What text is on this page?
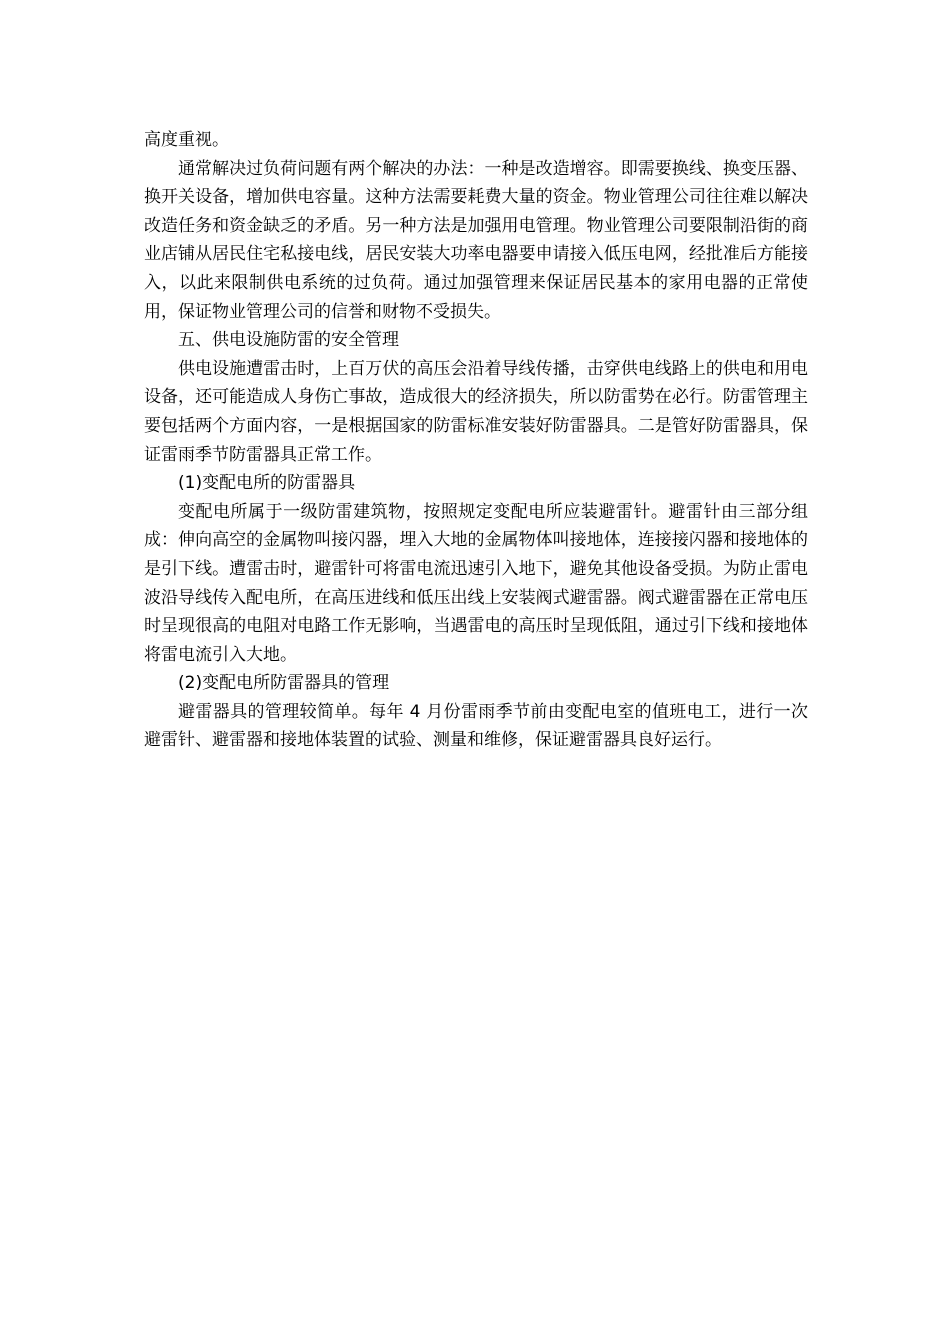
高度重视。

通常解决过负荷问题有两个解决的办法：一种是改造增容。即需要换线、换变压器、换开关设备，增加供电容量。这种方法需要耗费大量的资金。物业管理公司往往难以解决改造任务和资金缺乏的矛盾。另一种方法是加强用电管理。物业管理公司要限制沿街的商业店铺从居民住宅私接电线，居民安装大功率电器要申请接入低压电网，经批准后方能接入，以此来限制供电系统的过负荷。通过加强管理来保证居民基本的家用电器的正常使用，保证物业管理公司的信誉和财物不受损失。

五、供电设施防雷的安全管理

供电设施遭雷击时，上百万伏的高压会沿着导线传播，击穿供电线路上的供电和用电设备，还可能造成人身伤亡事故，造成很大的经济损失，所以防雷势在必行。防雷管理主要包括两个方面内容，一是根据国家的防雷标准安装好防雷器具。二是管好防雷器具，保证雷雨季节防雷器具正常工作。

(1)变配电所的防雷器具

变配电所属于一级防雷建筑物，按照规定变配电所应装避雷针。避雷针由三部分组成：伸向高空的金属物叫接闪器，埋入大地的金属物体叫接地体，连接接闪器和接地体的是引下线。遭雷击时，避雷针可将雷电流迅速引入地下，避免其他设备受损。为防止雷电波沿导线传入配电所，在高压进线和低压出线上安装阀式避雷器。阀式避雷器在正常电压时呈现很高的电阻对电路工作无影响，当遇雷电的高压时呈现低阻，通过引下线和接地体将雷电流引入大地。

(2)变配电所防雷器具的管理

避雷器具的管理较简单。每年 4 月份雷雨季节前由变配电室的值班电工，进行一次避雷针、避雷器和接地体装置的试验、测量和维修，保证避雷器具良好运行。
